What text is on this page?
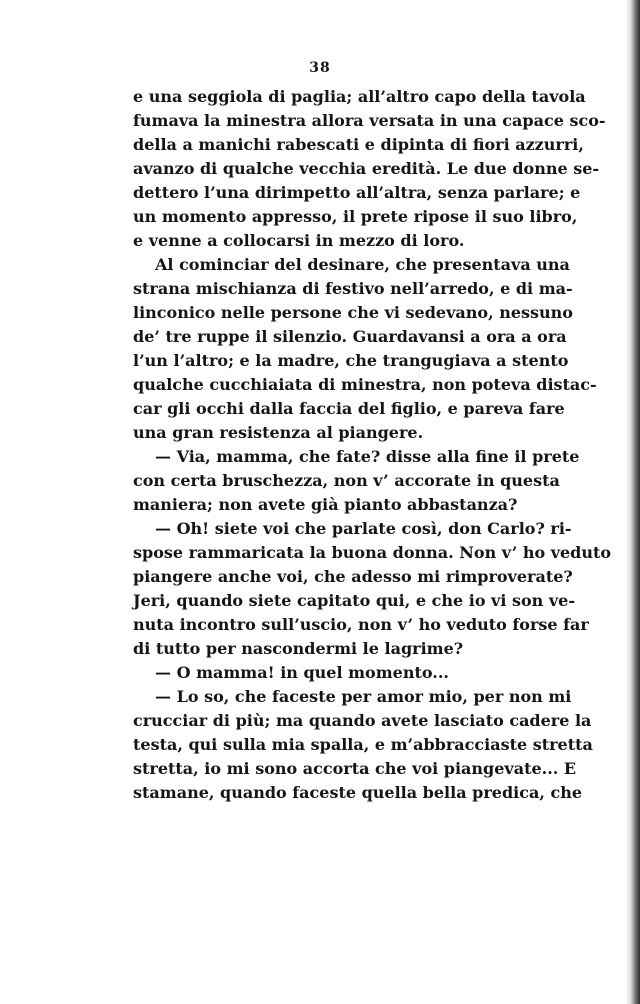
38
e una seggiola di paglia; all’altro capo della tavola
fumava la minestra allora versata in una capace sco-
della a manichi rabescati e dipinta di fiori azzurri,
avanzo di qualche vecchia eredità. Le due donne se-
dettero l’una dirimpetto all’altra, senza parlare; e
un momento appresso, il prete ripose il suo libro,
e venne a collocarsi in mezzo di loro.
Al cominciar del desinare, che presentava una
strana mischianza di festivo nell’arredo, e di ma-
linconico nelle persone che vi sedevano, nessuno
de’ tre ruppe il silenzio. Guardavansi a ora a ora
l’un l’altro; e la madre, che trangugiava a stento
qualche cucchiaiata di minestra, non poteva distac-
car gli occhi dalla faccia del figlio, e pareva fare
una gran resistenza al piangere.
— Via, mamma, che fate? disse alla fine il prete
con certa bruschezza, non v’ accorate in questa
maniera; non avete già pianto abbastanza?
— Oh! siete voi che parlate così, don Carlo? ri-
spose rammaricata la buona donna. Non v’ ho veduto
piangere anche voi, che adesso mi rimproverate?
Jeri, quando siete capitato qui, e che io vi son ve-
nuta incontro sull’uscio, non v’ ho veduto forse far
di tutto per nascondermi le lagrime?
— O mamma! in quel momento...
— Lo so, che faceste per amor mio, per non mi
crucciar di più; ma quando avete lasciato cadere la
testa, qui sulla mia spalla, e m’abbracciaste stretta
stretta, io mi sono accorta che voi piangevate... E
stamane, quando faceste quella bella predica, che
